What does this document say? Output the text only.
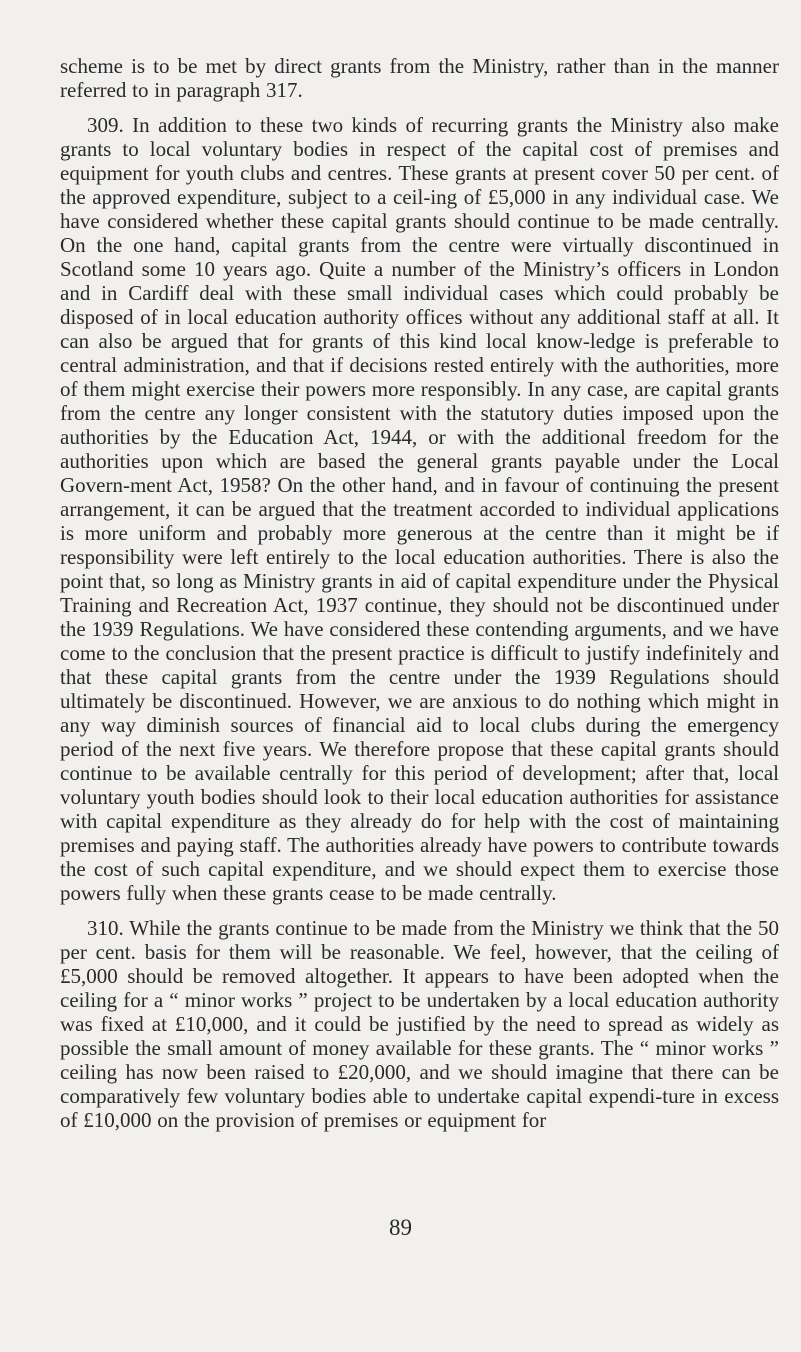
scheme is to be met by direct grants from the Ministry, rather than in the manner referred to in paragraph 317.

309. In addition to these two kinds of recurring grants the Ministry also make grants to local voluntary bodies in respect of the capital cost of premises and equipment for youth clubs and centres. These grants at present cover 50 per cent. of the approved expenditure, subject to a ceil-ing of £5,000 in any individual case. We have considered whether these capital grants should continue to be made centrally. On the one hand, capital grants from the centre were virtually discontinued in Scotland some 10 years ago. Quite a number of the Ministry’s officers in London and in Cardiff deal with these small individual cases which could probably be disposed of in local education authority offices without any additional staff at all. It can also be argued that for grants of this kind local know-ledge is preferable to central administration, and that if decisions rested entirely with the authorities, more of them might exercise their powers more responsibly. In any case, are capital grants from the centre any longer consistent with the statutory duties imposed upon the authorities by the Education Act, 1944, or with the additional freedom for the authorities upon which are based the general grants payable under the Local Govern-ment Act, 1958? On the other hand, and in favour of continuing the present arrangement, it can be argued that the treatment accorded to individual applications is more uniform and probably more generous at the centre than it might be if responsibility were left entirely to the local education authorities. There is also the point that, so long as Ministry grants in aid of capital expenditure under the Physical Training and Recreation Act, 1937 continue, they should not be discontinued under the 1939 Regulations. We have considered these contending arguments, and we have come to the conclusion that the present practice is difficult to justify indefinitely and that these capital grants from the centre under the 1939 Regulations should ultimately be discontinued. However, we are anxious to do nothing which might in any way diminish sources of financial aid to local clubs during the emergency period of the next five years. We therefore propose that these capital grants should continue to be available centrally for this period of development; after that, local voluntary youth bodies should look to their local education authorities for assistance with capital expenditure as they already do for help with the cost of maintaining premises and paying staff. The authorities already have powers to contribute towards the cost of such capital expenditure, and we should expect them to exercise those powers fully when these grants cease to be made centrally.

310. While the grants continue to be made from the Ministry we think that the 50 per cent. basis for them will be reasonable. We feel, however, that the ceiling of £5,000 should be removed altogether. It appears to have been adopted when the ceiling for a “ minor works ” project to be undertaken by a local education authority was fixed at £10,000, and it could be justified by the need to spread as widely as possible the small amount of money available for these grants. The “ minor works ” ceiling has now been raised to £20,000, and we should imagine that there can be comparatively few voluntary bodies able to undertake capital expendi-ture in excess of £10,000 on the provision of premises or equipment for

89
